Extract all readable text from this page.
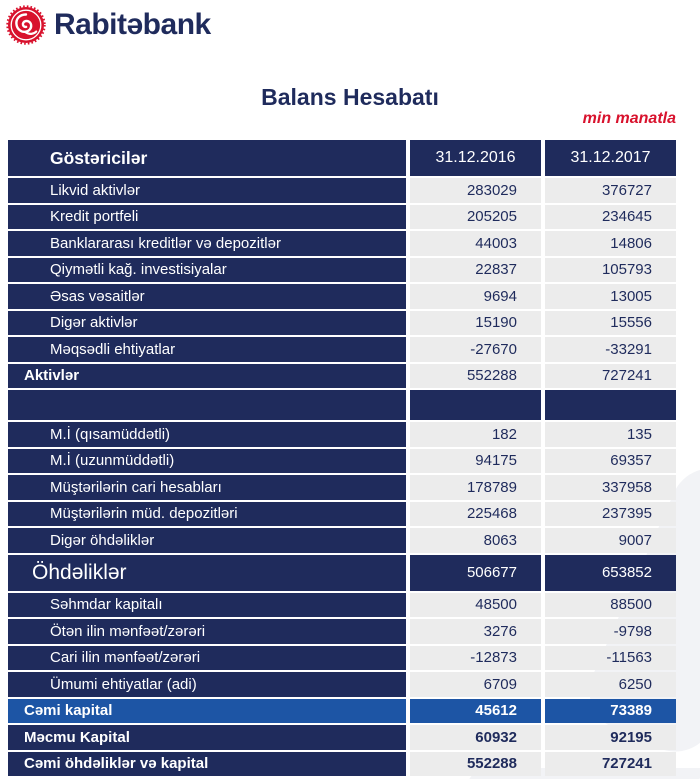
Rabitəbank
Balans Hesabatı
min manatla
Göstəricilər	31.12.2016	31.12.2017
Likvid aktivlər	283029	376727
Kredit portfeli	205205	234645
Banklararası kreditlər və depozitlər	44003	14806
Qiymətli kağ. investisiyalar	22837	105793
Əsas vəsaitlər	9694	13005
Digər aktivlər	15190	15556
Məqsədli ehtiyatlar	-27670	-33291
Aktivlər	552288	727241
M.İ (qısamüddətli)	182	135
M.İ (uzunmüddətli)	94175	69357
Müştərilərin cari hesabları	178789	337958
Müştərilərin müd. depozitləri	225468	237395
Digər öhdəliklər	8063	9007
Öhdəliklər	506677	653852
Səhmdar kapitalı	48500	88500
Ötən ilin mənfəət/zərəri	3276	-9798
Cari ilin mənfəət/zərəri	-12873	-11563
Ümumi ehtiyatlar (adi)	6709	6250
Cəmi kapital	45612	73389
Məcmu Kapital	60932	92195
Cəmi öhdəliklər və kapital	552288	727241
